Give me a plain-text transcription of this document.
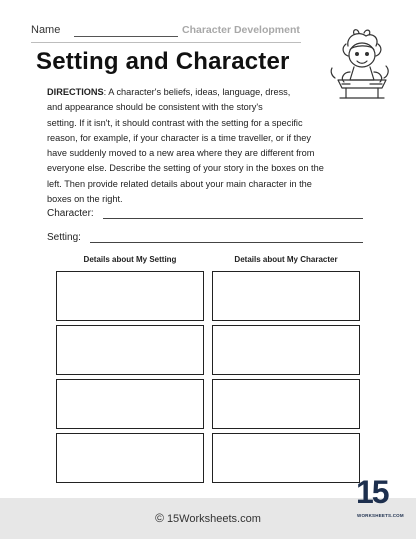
Name	Character Development
Setting and Character
DIRECTIONS: A character's beliefs, ideas, language, dress,
and appearance should be consistent with the story's
setting. If it isn't, it should contrast with the setting for a specific
reason, for example, if your character is a time traveller, or if they
have suddenly moved to a new area where they are different from
everyone else. Describe the setting of your story in the boxes on the
left. Then provide related details about your main character in the
boxes on the right.
Character:
Setting:
Details about My Setting	Details about My Character
© 15Worksheets.com
15
WORKSHEETS.COM
